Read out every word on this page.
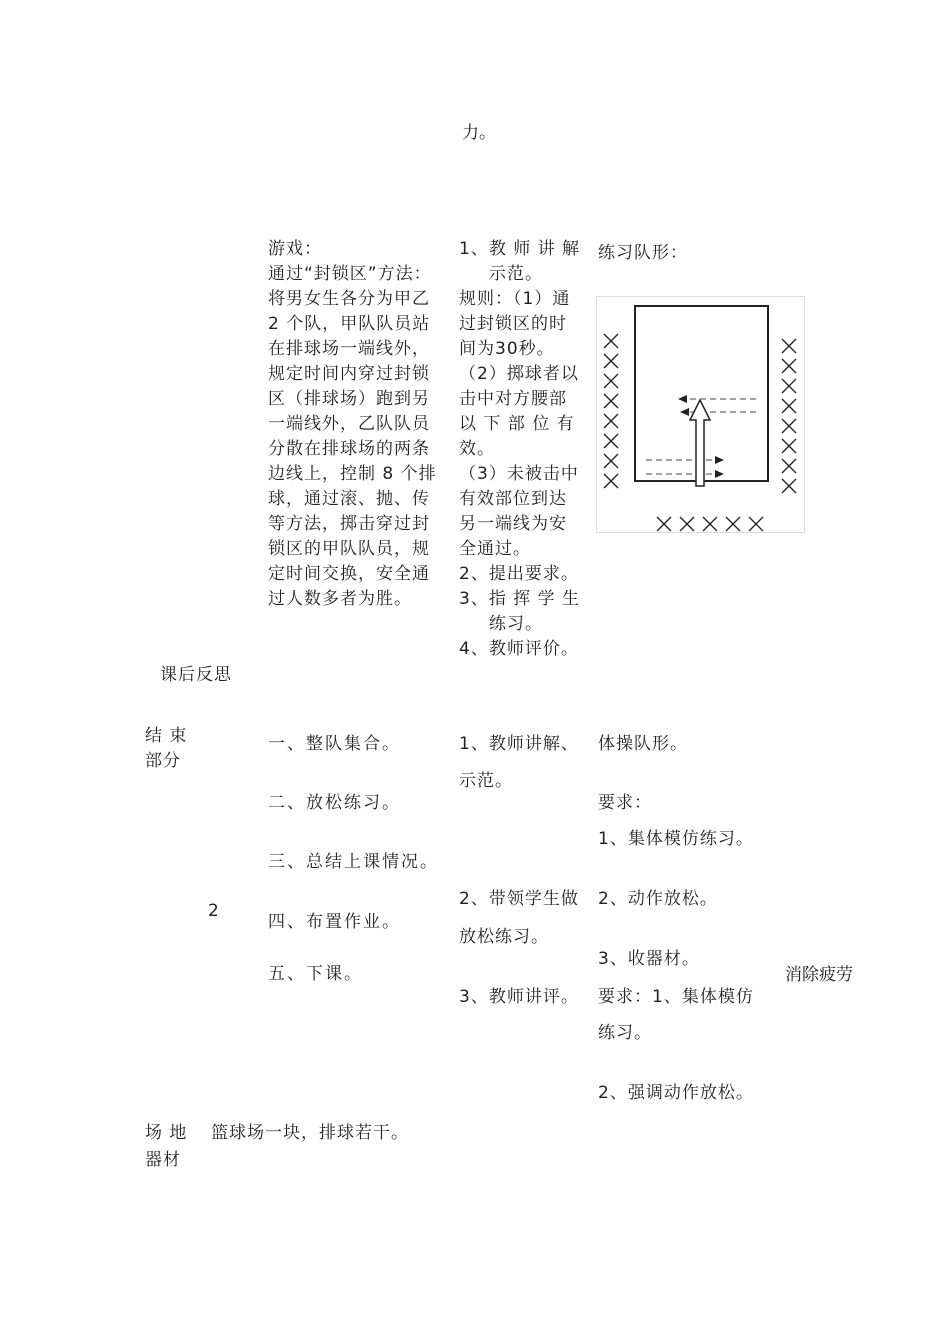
力。
游戏：
通过“封锁区”方法：
将男女生各分为甲乙
2 个队，甲队队员站
在排球场一端线外，
规定时间内穿过封锁
区（排球场）跑到另
一端线外，乙队队员
分散在排球场的两条
边线上，控制 8 个排
球，通过滚、抛、传
等方法，掷击穿过封
锁区的甲队队员，规
定时间交换，安全通
过人数多者为胜。
1、教 师 讲 解
示范。
规则：（1）通
过封锁区的时
间为30秒。
（2）掷球者以
击中对方腰部
以 下 部 位 有
效。
（3）未被击中
有效部位到达
另一端线为安
全通过。
2、提出要求。
3、指 挥 学 生
练习。
4、教师评价。
练习队形：
课后反思
结 束
部分
2
一、整队集合。
二、放松练习。
三、总结上课情况。
四、布置作业。
五、下课。
1、教师讲解、
示范。
2、带领学生做
放松练习。
3、教师讲评。
体操队形。
要求：
1、集体模仿练习。
2、动作放松。
3、收器材。
要求：1、集体模仿
练习。
2、强调动作放松。
消除疲劳
场 地
器材
篮球场一块，排球若干。
